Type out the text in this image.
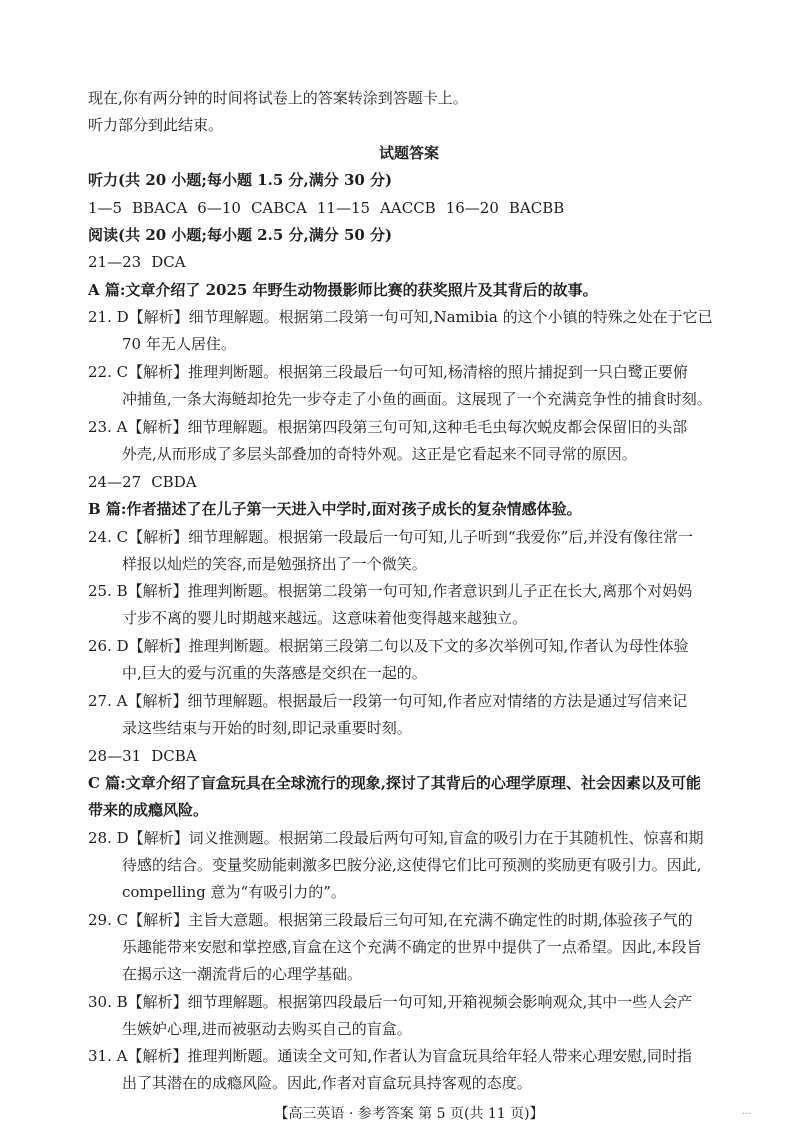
现在,你有两分钟的时间将试卷上的答案转涂到答题卡上。
听力部分到此结束。
试题答案
听力(共 20 小题;每小题 1.5 分,满分 30 分)
1—5 BBACA 6—10 CABCA 11—15 AACCB 16—20 BACBB
阅读(共 20 小题;每小题 2.5 分,满分 50 分)
21—23 DCA
A 篇:文章介绍了 2025 年野生动物摄影师比赛的获奖照片及其背后的故事。
21. D【解析】细节理解题。根据第二段第一句可知,Namibia 的这个小镇的特殊之处在于它已
70 年无人居住。
22. C【解析】推理判断题。根据第三段最后一句可知,杨清榕的照片捕捉到一只白鹭正要俯
冲捕鱼,一条大海鲢却抢先一步夺走了小鱼的画面。这展现了一个充满竞争性的捕食时刻。
23. A【解析】细节理解题。根据第四段第三句可知,这种毛毛虫每次蜕皮都会保留旧的头部
外壳,从而形成了多层头部叠加的奇特外观。这正是它看起来不同寻常的原因。
24—27 CBDA
B 篇:作者描述了在儿子第一天进入中学时,面对孩子成长的复杂情感体验。
24. C【解析】细节理解题。根据第一段最后一句可知,儿子听到“我爱你”后,并没有像往常一
样报以灿烂的笑容,而是勉强挤出了一个微笑。
25. B【解析】推理判断题。根据第二段第一句可知,作者意识到儿子正在长大,离那个对妈妈
寸步不离的婴儿时期越来越远。这意味着他变得越来越独立。
26. D【解析】推理判断题。根据第三段第二句以及下文的多次举例可知,作者认为母性体验
中,巨大的爱与沉重的失落感是交织在一起的。
27. A【解析】细节理解题。根据最后一段第一句可知,作者应对情绪的方法是通过写信来记
录这些结束与开始的时刻,即记录重要时刻。
28—31 DCBA
C 篇:文章介绍了盲盒玩具在全球流行的现象,探讨了其背后的心理学原理、社会因素以及可能
带来的成瘾风险。
28. D【解析】词义推测题。根据第二段最后两句可知,盲盒的吸引力在于其随机性、惊喜和期
待感的结合。变量奖励能刺激多巴胺分泌,这使得它们比可预测的奖励更有吸引力。因此,
compelling 意为“有吸引力的”。
29. C【解析】主旨大意题。根据第三段最后三句可知,在充满不确定性的时期,体验孩子气的
乐趣能带来安慰和掌控感,盲盒在这个充满不确定的世界中提供了一点希望。因此,本段旨
在揭示这一潮流背后的心理学基础。
30. B【解析】细节理解题。根据第四段最后一句可知,开箱视频会影响观众,其中一些人会产
生嫉妒心理,进而被驱动去购买自己的盲盒。
31. A【解析】推理判断题。通读全文可知,作者认为盲盒玩具给年轻人带来心理安慰,同时指
出了其潜在的成瘾风险。因此,作者对盲盒玩具持客观的态度。
【高三英语 · 参考答案 第 5 页(共 11 页)】	...
